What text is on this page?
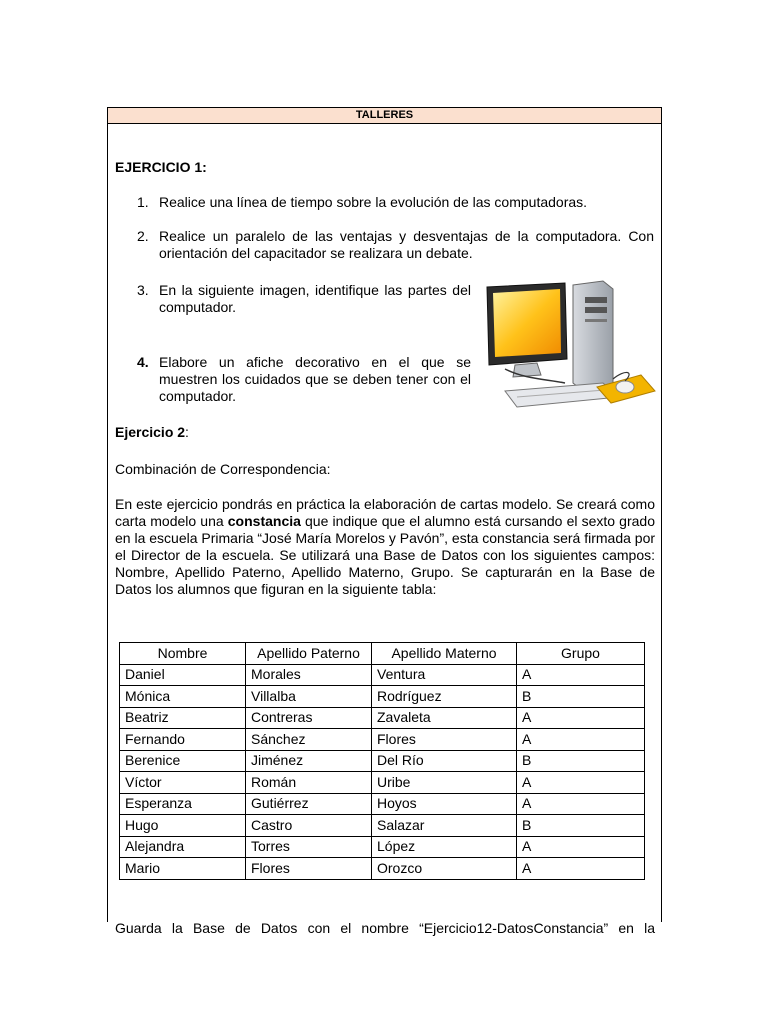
TALLERES
EJERCICIO 1:
1. Realice una línea de tiempo sobre la evolución de las computadoras.
2. Realice un paralelo de las ventajas y desventajas de la computadora. Con orientación del capacitador se realizara un debate.
3. En la siguiente imagen, identifique las partes del computador.
4. Elabore un afiche decorativo en el que se muestren los cuidados que se deben tener con el computador.
Ejercicio 2:
Combinación de Correspondencia:
En este ejercicio pondrás en práctica la elaboración de cartas modelo. Se creará como carta modelo una constancia que indique que el alumno está cursando el sexto grado en la escuela Primaria “José María Morelos y Pavón”, esta constancia será firmada por el Director de la escuela. Se utilizará una Base de Datos con los siguientes campos: Nombre, Apellido Paterno, Apellido Materno, Grupo. Se capturarán en la Base de Datos los alumnos que figuran en la siguiente tabla:
Nombre	Apellido Paterno	Apellido Materno	Grupo
Daniel	Morales	Ventura	A
Mónica	Villalba	Rodríguez	B
Beatriz	Contreras	Zavaleta	A
Fernando	Sánchez	Flores	A
Berenice	Jiménez	Del Río	B
Víctor	Román	Uribe	A
Esperanza	Gutiérrez	Hoyos	A
Hugo	Castro	Salazar	B
Alejandra	Torres	López	A
Mario	Flores	Orozco	A
Guarda la Base de Datos con el nombre “Ejercicio12-DatosConstancia” en la
